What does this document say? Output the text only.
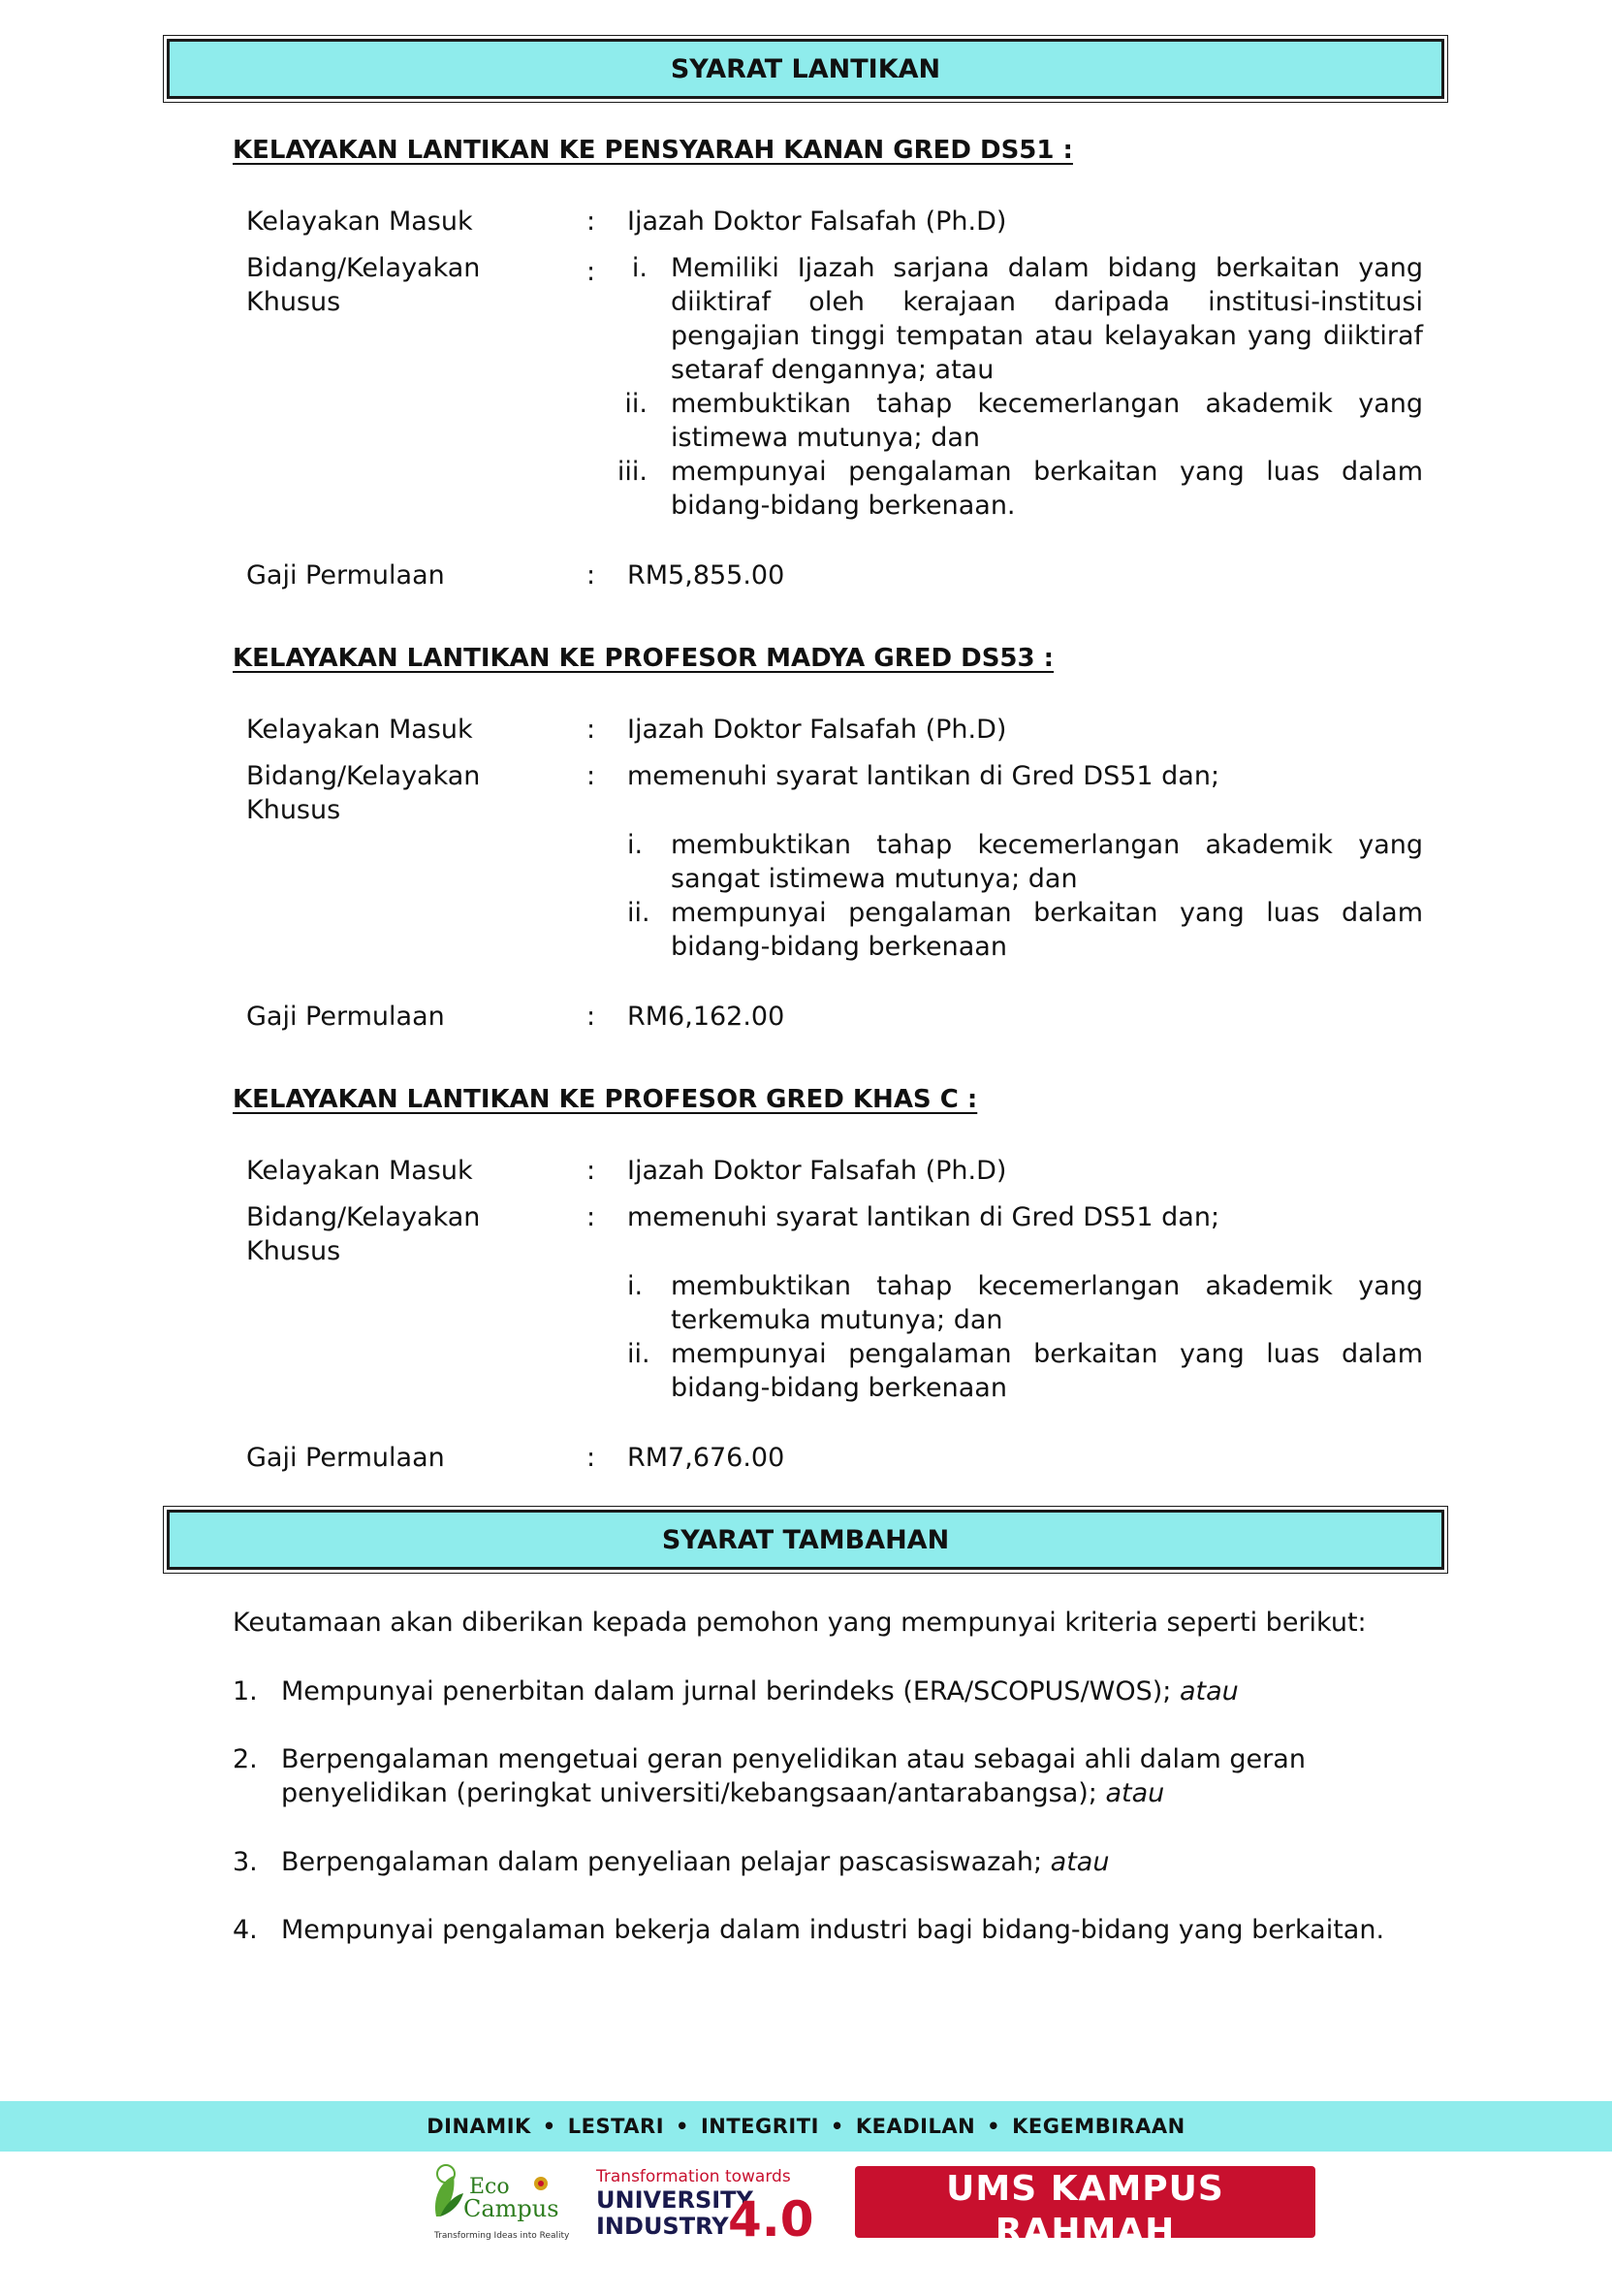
SYARAT LANTIKAN
KELAYAKAN LANTIKAN KE PENSYARAH KANAN GRED DS51 :
Kelayakan Masuk	: Ijazah Doktor Falsafah (Ph.D)
Bidang/Kelayakan
Khusus
:	i. Memiliki Ijazah sarjana dalam bidang berkaitan yang diiktiraf oleh kerajaan daripada institusi-institusi pengajian tinggi tempatan atau kelayakan yang diiktiraf setaraf dengannya; atau
ii. membuktikan tahap kecemerlangan akademik yang istimewa mutunya; dan
iii. mempunyai pengalaman berkaitan yang luas dalam bidang-bidang berkenaan.
Gaji Permulaan	: RM5,855.00
KELAYAKAN LANTIKAN KE PROFESOR MADYA GRED DS53 :
Kelayakan Masuk	: Ijazah Doktor Falsafah (Ph.D)
Bidang/Kelayakan
Khusus
: memenuhi syarat lantikan di Gred DS51 dan;
i.	membuktikan tahap kecemerlangan akademik yang sangat istimewa mutunya; dan
ii. mempunyai pengalaman berkaitan yang luas dalam bidang-bidang berkenaan
Gaji Permulaan	: RM6,162.00
KELAYAKAN LANTIKAN KE PROFESOR GRED KHAS C :
Kelayakan Masuk	: Ijazah Doktor Falsafah (Ph.D)
Bidang/Kelayakan
Khusus
: memenuhi syarat lantikan di Gred DS51 dan;
i.	membuktikan tahap kecemerlangan akademik yang terkemuka mutunya; dan
ii. mempunyai pengalaman berkaitan yang luas dalam bidang-bidang berkenaan
Gaji Permulaan	: RM7,676.00
SYARAT TAMBAHAN
Keutamaan akan diberikan kepada pemohon yang mempunyai kriteria seperti berikut:
1. Mempunyai penerbitan dalam jurnal berindeks (ERA/SCOPUS/WOS); atau
2. Berpengalaman mengetuai geran penyelidikan atau sebagai ahli dalam geran penyelidikan (peringkat universiti/kebangsaan/antarabangsa); atau
3. Berpengalaman dalam penyeliaan pelajar pascasiswazah; atau
4. Mempunyai pengalaman bekerja dalam industri bagi bidang-bidang yang berkaitan.
DINAMIK • LESTARI • INTEGRITI • KEADILAN • KEGEMBIRAAN
Eco
Campus
Transforming Ideas into Reality
Transformation towards
UNIVERSITY
INDUSTRY 4.0
UMS KAMPUS RAHMAH
TERAS KECEMERLANGAN DAN KEUNGGULAN
